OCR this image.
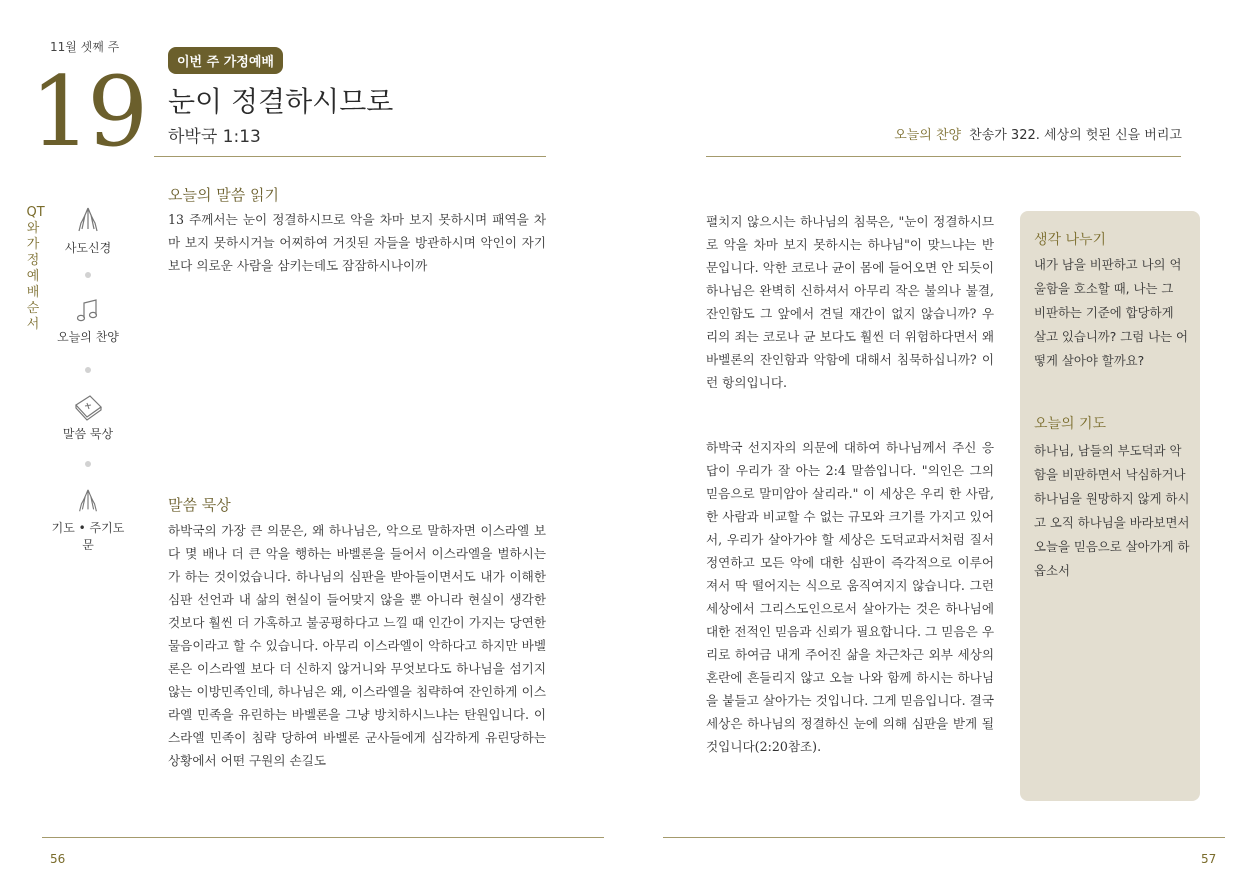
11월 셋째 주
19	이번 주 가정예배
눈이 정결하시므로
하박국 1:13
QT와 가정예배 순서
사도신경
오늘의 찬양
말씀 묵상
기도 • 주기도문
오늘의 말씀 읽기
13 주께서는 눈이 정결하시므로 악을 차마 보지 못하시며 패역을 차마 보지 못하시거늘 어찌하여 거짓된 자들을 방관하시며 악인이 자기보다 의로운 사람을 삼키는데도 잠잠하시나이까
말씀 묵상
하박국의 가장 큰 의문은, 왜 하나님은, 악으로 말하자면 이스라엘 보다 몇 배나 더 큰 악을 행하는 바벨론을 들어서 이스라엘을 벌하시는가 하는 것이었습니다. 하나님의 심판을 받아들이면서도 내가 이해한 심판 선언과 내 삶의 현실이 들어맞지 않을 뿐 아니라 현실이 생각한 것보다 훨씬 더 가혹하고 불공평하다고 느낄 때 인간이 가지는 당연한 물음이라고 할 수 있습니다. 아무리 이스라엘이 악하다고 하지만 바벨론은 이스라엘 보다 더 신하지 않거니와 무엇보다도 하나님을 섬기지 않는 이방민족인데, 하나님은 왜, 이스라엘을 침략하여 잔인하게 이스라엘 민족을 유린하는 바벨론을 그냥 방치하시느냐는 탄원입니다. 이스라엘 민족이 침략 당하여 바벨론 군사들에게 심각하게 유린당하는 상황에서 어떤 구원의 손길도
56
오늘의 찬양 찬송가 322. 세상의 헛된 신을 버리고
펼치지 않으시는 하나님의 침묵은, "눈이 정결하시므로 악을 차마 보지 못하시는 하나님"이 맞느냐는 반문입니다. 악한 코로나 균이 몸에 들어오면 안 되듯이 하나님은 완벽히 신하셔서 아무리 작은 불의나 불결, 잔인함도 그 앞에서 견딜 재간이 없지 않습니까? 우리의 죄는 코로나 균 보다도 훨씬 더 위험하다면서 왜 바벨론의 잔인함과 악함에 대해서 침묵하십니까? 이런 항의입니다.
하박국 선지자의 의문에 대하여 하나님께서 주신 응답이 우리가 잘 아는 2:4 말씀입니다. "의인은 그의 믿음으로 말미암아 살리라." 이 세상은 우리 한 사람, 한 사람과 비교할 수 없는 규모와 크기를 가지고 있어서, 우리가 살아가야 할 세상은 도덕교과서처럼 질서 정연하고 모든 악에 대한 심판이 즉각적으로 이루어져서 딱 떨어지는 식으로 움직여지지 않습니다. 그런 세상에서 그리스도인으로서 살아가는 것은 하나님에 대한 전적인 믿음과 신뢰가 필요합니다. 그 믿음은 우리로 하여금 내게 주어진 삶을 차근차근 외부 세상의 혼란에 흔들리지 않고 오늘 나와 함께 하시는 하나님을 붙들고 살아가는 것입니다. 그게 믿음입니다. 결국 세상은 하나님의 정결하신 눈에 의해 심판을 받게 될 것입니다(2:20참조).
생각 나누기
내가 남을 비판하고 나의 억울함을 호소할 때, 나는 그 비판하는 기준에 합당하게 살고 있습니까? 그럼 나는 어떻게 살아야 할까요?
오늘의 기도
하나님, 남들의 부도덕과 악함을 비판하면서 낙심하거나 하나님을 원망하지 않게 하시고 오직 하나님을 바라보면서 오늘을 믿음으로 살아가게 하옵소서
57
